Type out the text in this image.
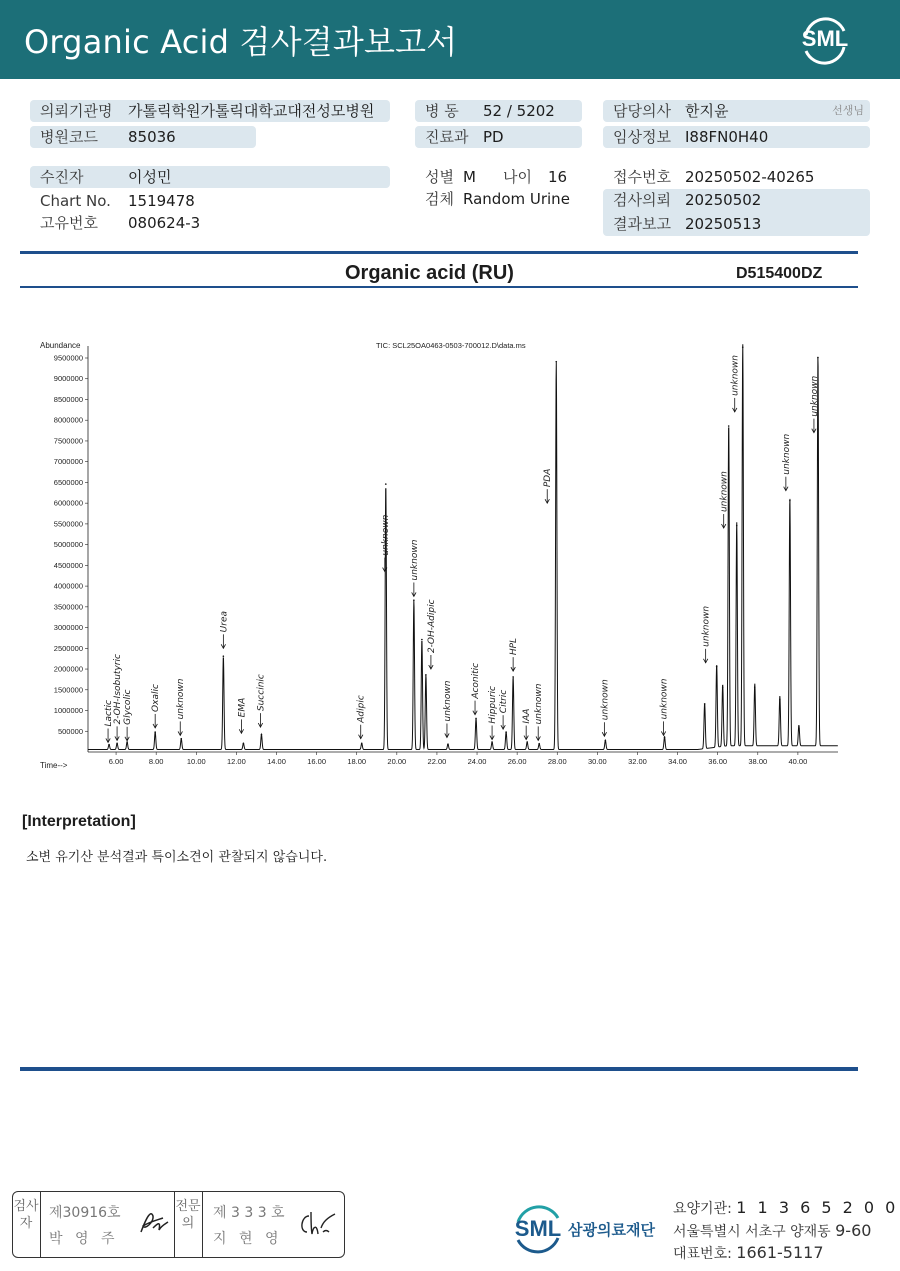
Organic Acid 검사결과보고서	SML
의뢰기관명 가톨릭학원가톨릭대학교대전성모병원
병원코드 85036
수진자	이성민
Chart No. 1519478
고유번호 080624-3
병 동 52 / 5202
진료과 PD
성별 M 나이 16
검체 Random Urine
담당의사 한지윤	선생님
임상정보 I88FN0H40
접수번호 20250502-40265
검사의뢰 20250502
결과보고 20250513
Organic acid (RU)	D515400DZ
Abundance
Time-->
TIC: SCL25OA0463-0503-700012.D\data.ms
500000
1000000
1500000
2000000
2500000
3000000
3500000
4000000
4500000
5000000
5500000
6000000
6500000
7000000
7500000
8000000
8500000
9000000
9500000
6.00	8.00	10.00	12.00	14.00	16.00	18.00	20.00	22.00	24.00	26.00	28.00	30.00	32.00	34.00	36.00	38.00	40.00
Lactic 2-OH-Isobutyric Glycolic Oxalic unknown
Urea
EMA Succinic	Adipic
unknown
unknown
2-OH-Adipic
unknown Aconitic
Hippuric Citric
HPL
IAA unknown
PDA
unknown	unknown
unknown
unknown
unknown
unknown
unknown
[Interpretation]
소변 유기산 분석결과 특이소견이 관찰되지 않습니다.
검사자
제30916호
박 영 주
전문의
제 3 3 3 호
지 현 영	SML 삼광의료재단
요양기관: 1 1 3 6 5 2 0 0
서울특별시 서초구 양재동 9-60
대표번호: 1661-5117
